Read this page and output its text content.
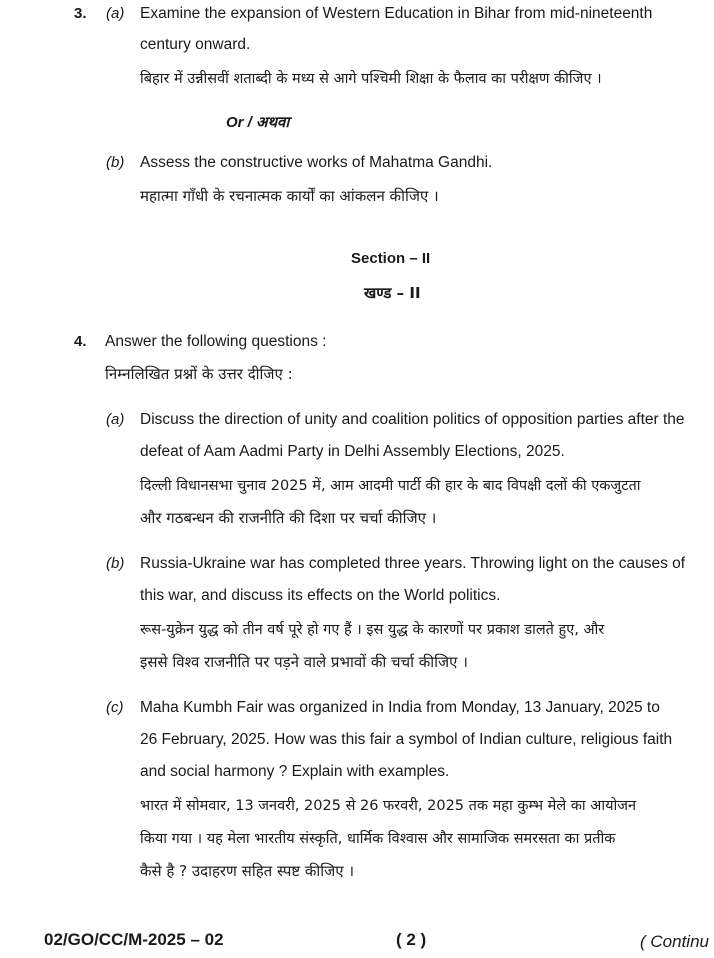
3. (a) Examine the expansion of Western Education in Bihar from mid-nineteenth
century onward.
बिहार में उन्नीसवीं शताब्दी के मध्य से आगे पश्चिमी शिक्षा के फैलाव का परीक्षण कीजिए ।
Or / अथवा
(b) Assess the constructive works of Mahatma Gandhi.
महात्मा गाँधी के रचनात्मक कार्यों का आंकलन कीजिए ।
Section – II
खण्ड – II
4. Answer the following questions :
निम्नलिखित प्रश्नों के उत्तर दीजिए :
(a) Discuss the direction of unity and coalition politics of opposition parties after the
defeat of Aam Aadmi Party in Delhi Assembly Elections, 2025.
दिल्ली विधानसभा चुनाव 2025 में, आम आदमी पार्टी की हार के बाद विपक्षी दलों की एकजुटता
और गठबन्धन की राजनीति की दिशा पर चर्चा कीजिए ।
(b) Russia-Ukraine war has completed three years. Throwing light on the causes of
this war, and discuss its effects on the World politics.
रूस-युक्रेन युद्ध को तीन वर्ष पूरे हो गए हैं । इस युद्ध के कारणों पर प्रकाश डालते हुए, और
इससे विश्व राजनीति पर पड़ने वाले प्रभावों की चर्चा कीजिए ।
(c) Maha Kumbh Fair was organized in India from Monday, 13 January, 2025 to
26 February, 2025. How was this fair a symbol of Indian culture, religious faith
and social harmony ? Explain with examples.
भारत में सोमवार, 13 जनवरी, 2025 से 26 फरवरी, 2025 तक महा कुम्भ मेले का आयोजन
किया गया । यह मेला भारतीय संस्कृति, धार्मिक विश्वास और सामाजिक समरसता का प्रतीक
कैसे है ? उदाहरण सहित स्पष्ट कीजिए ।
02/GO/CC/M-2025 – 02	( 2 )	( Continu
